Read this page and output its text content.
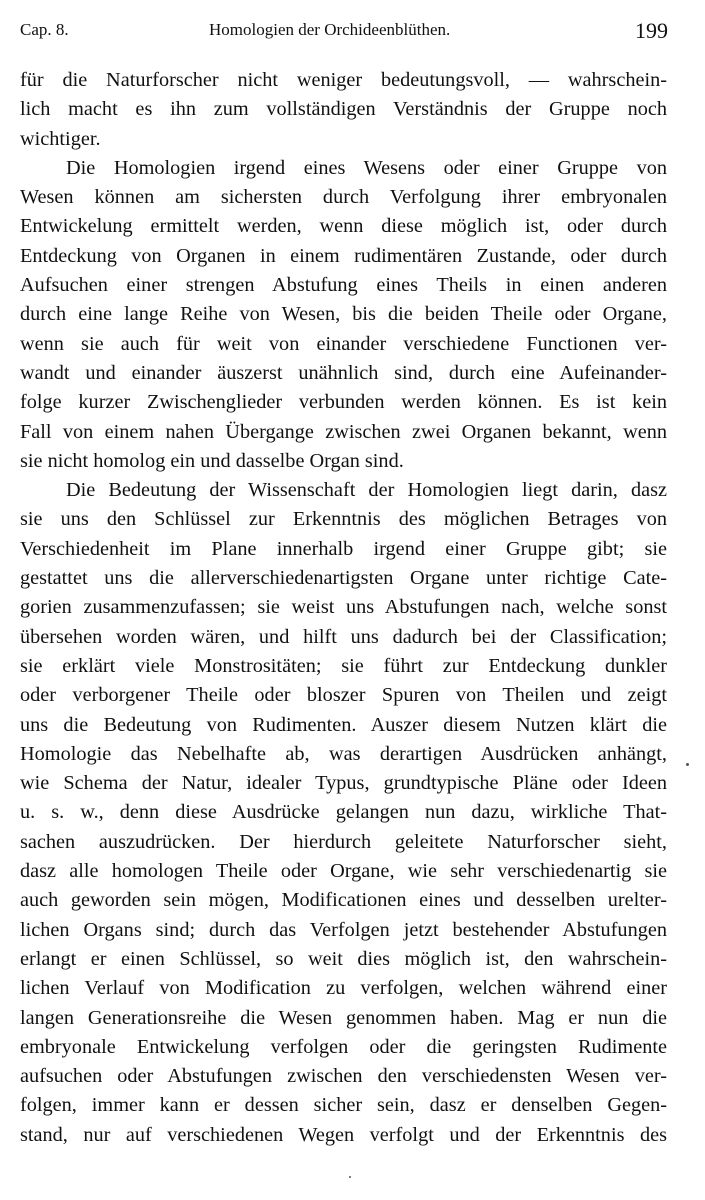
Cap. 8.	Homologien der Orchideenblüthen.	199
für die Naturforscher nicht weniger bedeutungsvoll, — wahrschein-
lich macht es ihn zum vollständigen Verständnis der Gruppe noch
wichtiger.
Die Homologien irgend eines Wesens oder einer Gruppe von
Wesen können am sichersten durch Verfolgung ihrer embryonalen
Entwickelung ermittelt werden, wenn diese möglich ist, oder durch
Entdeckung von Organen in einem rudimentären Zustande, oder durch
Aufsuchen einer strengen Abstufung eines Theils in einen anderen
durch eine lange Reihe von Wesen, bis die beiden Theile oder Organe,
wenn sie auch für weit von einander verschiedene Functionen ver-
wandt und einander äuszerst unähnlich sind, durch eine Aufeinander-
folge kurzer Zwischenglieder verbunden werden können. Es ist kein
Fall von einem nahen Übergange zwischen zwei Organen bekannt, wenn
sie nicht homolog ein und dasselbe Organ sind.
Die Bedeutung der Wissenschaft der Homologien liegt darin, dasz
sie uns den Schlüssel zur Erkenntnis des möglichen Betrages von
Verschiedenheit im Plane innerhalb irgend einer Gruppe gibt; sie
gestattet uns die allerverschiedenartigsten Organe unter richtige Cate-
gorien zusammenzufassen; sie weist uns Abstufungen nach, welche sonst
übersehen worden wären, und hilft uns dadurch bei der Classification;
sie erklärt viele Monstrositäten; sie führt zur Entdeckung dunkler
oder verborgener Theile oder bloszer Spuren von Theilen und zeigt
uns die Bedeutung von Rudimenten. Auszer diesem Nutzen klärt die
Homologie das Nebelhafte ab, was derartigen Ausdrücken anhängt,
wie Schema der Natur, idealer Typus, grundtypische Pläne oder Ideen
u. s. w., denn diese Ausdrücke gelangen nun dazu, wirkliche That-
sachen auszudrücken. Der hierdurch geleitete Naturforscher sieht,
dasz alle homologen Theile oder Organe, wie sehr verschiedenartig sie
auch geworden sein mögen, Modificationen eines und desselben urelter-
lichen Organs sind; durch das Verfolgen jetzt bestehender Abstufungen
erlangt er einen Schlüssel, so weit dies möglich ist, den wahrschein-
lichen Verlauf von Modification zu verfolgen, welchen während einer
langen Generationsreihe die Wesen genommen haben. Mag er nun die
embryonale Entwickelung verfolgen oder die geringsten Rudimente
aufsuchen oder Abstufungen zwischen den verschiedensten Wesen ver-
folgen, immer kann er dessen sicher sein, dasz er denselben Gegen-
stand, nur auf verschiedenen Wegen verfolgt und der Erkenntnis des
